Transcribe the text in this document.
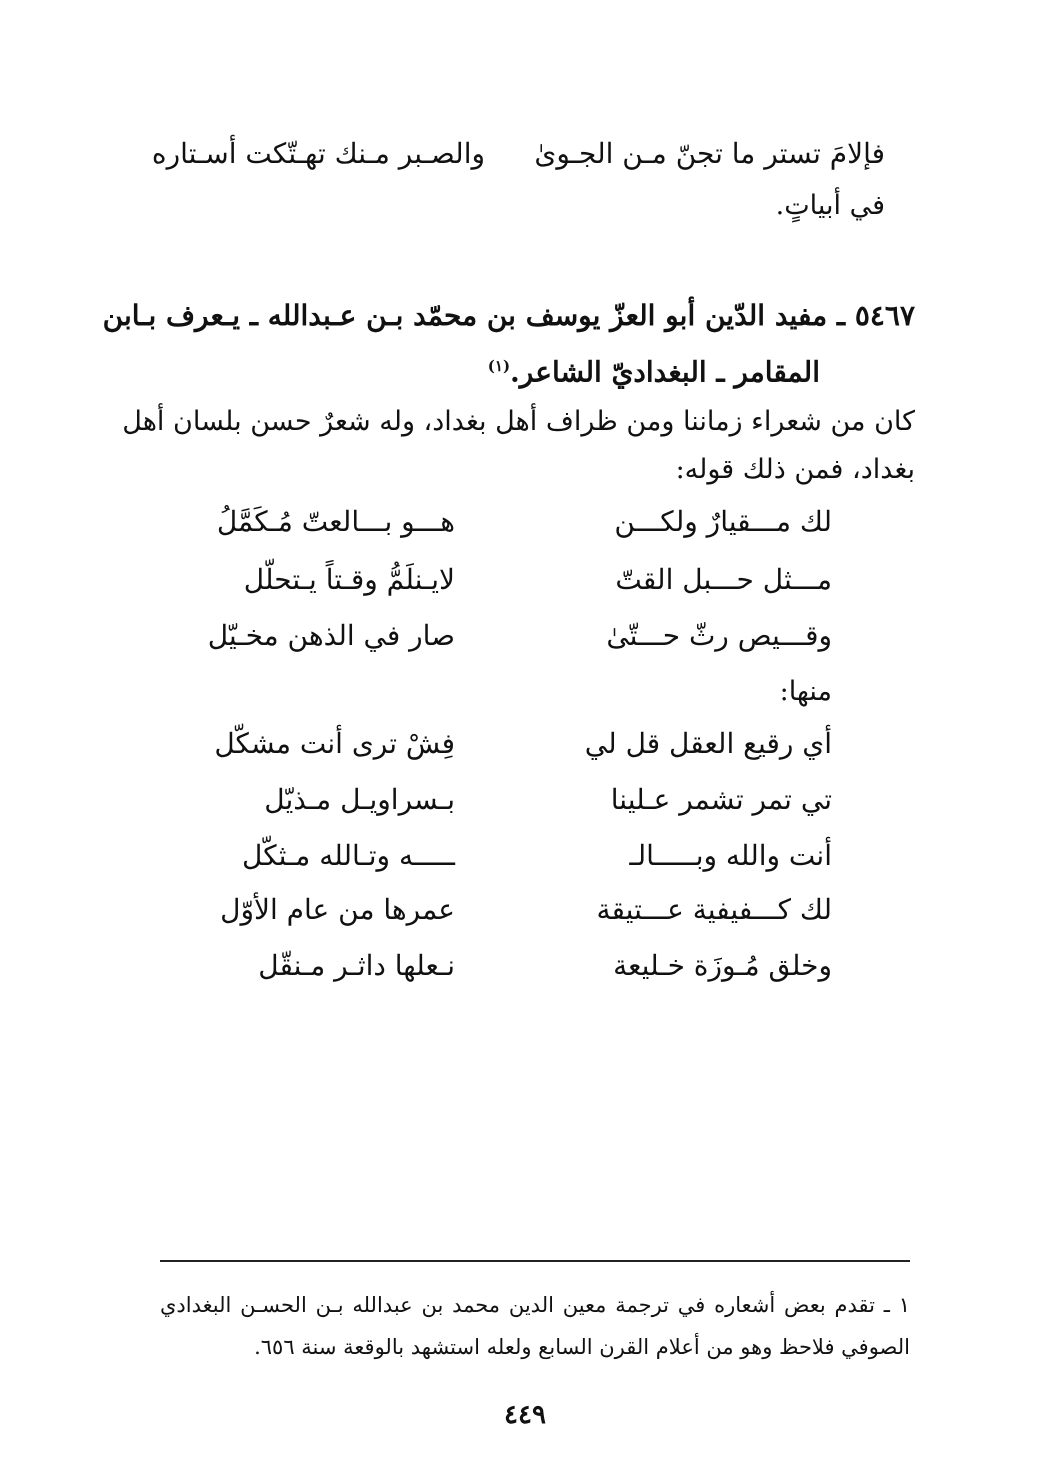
فإلامَ تستر ما تجنّ مـن الجـوىٰ
والصـبر مـنك تهـتّكت أسـتاره
في أبياتٍ.
٥٤٦٧ ـ مفيد الدّين أبو العزّ يوسف بن محمّد بـن عـبدالله ـ يـعرف بـابن
المقامر ـ البغداديّ الشاعر.$^{(١)}$
كان من شعراء زماننا ومن ظراف أهل بغداد، وله شعرٌ حسن بلسان أهل
بغداد، فمن ذلك قوله:
لك مـــقيارٌ ولكـــن
هـــو بـــالعتّ مُـكَمَّلُ
مـــثل حـــبل القتّ
لايـنلَمُّ وقـتاً يـتحلّل
وقـــيص رثّ حـــتّىٰ
صار في الذهن مخـيّل
منها:
أي رقيع العقل قل لي
فِشْ ترى أنت مشكّل
تي تمر تشمر عـلينا
بـسراويـل مـذيّل
أنت والله وبـــــالـ
ـــــه وتـالله مـثكّل
لك كـــفيفية عـــتيقة
عمرها من عام الأوّل
وخلق مُـوزَة خـليعة
نـعلها داثـر مـنقّل
١ ـ تقدم بعض أشعاره في ترجمة معين الدين محمد بن عبدالله بـن الحسـن البغدادي
الصوفي فلاحظ وهو من أعلام القرن السابع ولعله استشهد بالوقعة سنة ٦٥٦.
٤٤٩
